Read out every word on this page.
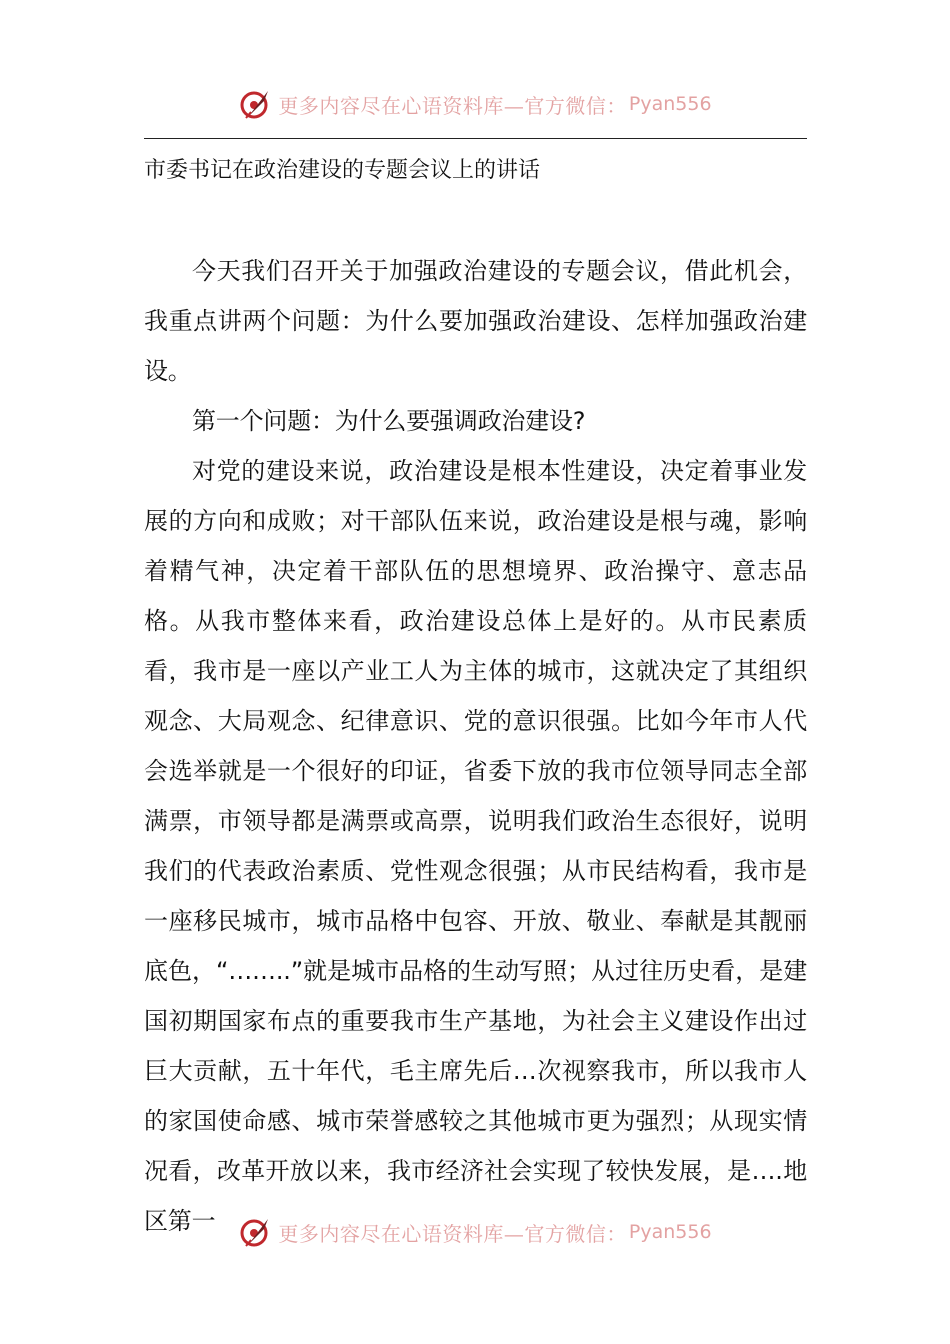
更多内容尽在心语资料库—官方微信： Pyan556
市委书记在政治建设的专题会议上的讲话

今天我们召开关于加强政治建设的专题会议，借此机会，我重点讲两个问题：为什么要加强政治建设、怎样加强政治建设。

第一个问题：为什么要强调政治建设?

对党的建设来说，政治建设是根本性建设，决定着事业发展的方向和成败；对干部队伍来说，政治建设是根与魂，影响着精气神，决定着干部队伍的思想境界、政治操守、意志品格。从我市整体来看，政治建设总体上是好的。从市民素质看，我市是一座以产业工人为主体的城市，这就决定了其组织观念、大局观念、纪律意识、党的意识很强。比如今年市人代会选举就是一个很好的印证，省委下放的我市位领导同志全部满票，市领导都是满票或高票，说明我们政治生态很好，说明我们的代表政治素质、党性观念很强；从市民结构看，我市是一座移民城市，城市品格中包容、开放、敬业、奉献是其靓丽底色，“……..”就是城市品格的生动写照；从过往历史看，是建国初期国家布点的重要我市生产基地，为社会主义建设作出过巨大贡献，五十年代，毛主席先后…次视察我市，所以我市人的家国使命感、城市荣誉感较之其他城市更为强烈；从现实情况看，改革开放以来，我市经济社会实现了较快发展，是….地区第一	更多内容尽在心语资料库—官方微信： Pyan556
